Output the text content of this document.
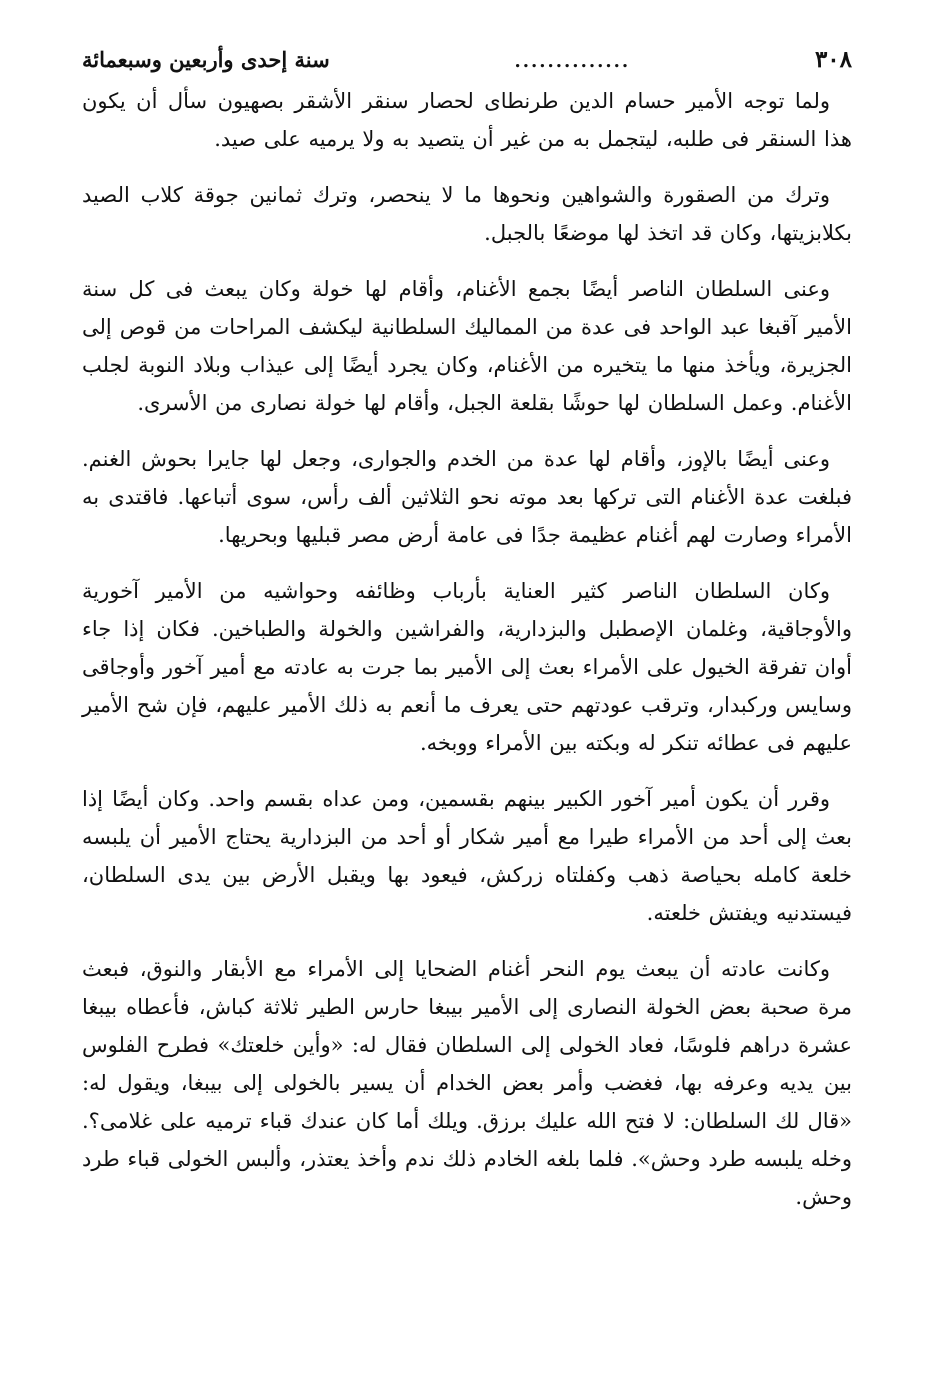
٣٠٨
..............
سنة إحدى وأربعين وسبعمائة

ولما توجه الأمير حسام الدين طرنطاى لحصار سنقر الأشقر بصهيون سأل أن يكون هذا السنقر فى طلبه، ليتجمل به من غير أن يتصيد به ولا يرميه على صيد.

وترك من الصقورة والشواهين ونحوها ما لا ينحصر، وترك ثمانين جوقة كلاب الصيد بكلابزيتها، وكان قد اتخذ لها موضعًا بالجبل.

وعنى السلطان الناصر أيضًا بجمع الأغنام، وأقام لها خولة وكان يبعث فى كل سنة الأمير آقبغا عبد الواحد فى عدة من المماليك السلطانية ليكشف المراحات من قوص إلى الجزيرة، ويأخذ منها ما يتخيره من الأغنام، وكان يجرد أيضًا إلى عيذاب وبلاد النوبة لجلب الأغنام. وعمل السلطان لها حوشًا بقلعة الجبل، وأقام لها خولة نصارى من الأسرى.

وعنى أيضًا بالإوز، وأقام لها عدة من الخدم والجوارى، وجعل لها جايرا بحوش الغنم. فبلغت عدة الأغنام التى تركها بعد موته نحو الثلاثين ألف رأس، سوى أتباعها. فاقتدى به الأمراء وصارت لهم أغنام عظيمة جدًا فى عامة أرض مصر قبليها وبحريها.

وكان السلطان الناصر كثير العناية بأرباب وظائفه وحواشيه من الأمير آخورية والأوجاقية، وغلمان الإصطبل والبزدارية، والفراشين والخولة والطباخين. فكان إذا جاء أوان تفرقة الخيول على الأمراء بعث إلى الأمير بما جرت به عادته مع أمير آخور وأوجاقى وسايس وركبدار، وترقب عودتهم حتى يعرف ما أنعم به ذلك الأمير عليهم، فإن شح الأمير عليهم فى عطائه تنكر له وبكته بين الأمراء ووبخه.

وقرر أن يكون أمير آخور الكبير بينهم بقسمين، ومن عداه بقسم واحد. وكان أيضًا إذا بعث إلى أحد من الأمراء طيرا مع أمير شكار أو أحد من البزدارية يحتاج الأمير أن يلبسه خلعة كامله بحياصة ذهب وكفلتاه زركش، فيعود بها ويقبل الأرض بين يدى السلطان، فيستدنيه ويفتش خلعته.

وكانت عادته أن يبعث يوم النحر أغنام الضحايا إلى الأمراء مع الأبقار والنوق، فبعث مرة صحبة بعض الخولة النصارى إلى الأمير بيبغا حارس الطير ثلاثة كباش، فأعطاه بيبغا عشرة دراهم فلوسًا، فعاد الخولى إلى السلطان فقال له: «وأين خلعتك» فطرح الفلوس بين يديه وعرفه بها، فغضب وأمر بعض الخدام أن يسير بالخولى إلى بيبغا، ويقول له: «قال لك السلطان: لا فتح الله عليك برزق. ويلك أما كان عندك قباء ترميه على غلامى؟. وخله يلبسه طرد وحش». فلما بلغه الخادم ذلك ندم وأخذ يعتذر، وألبس الخولى قباء طرد وحش.
